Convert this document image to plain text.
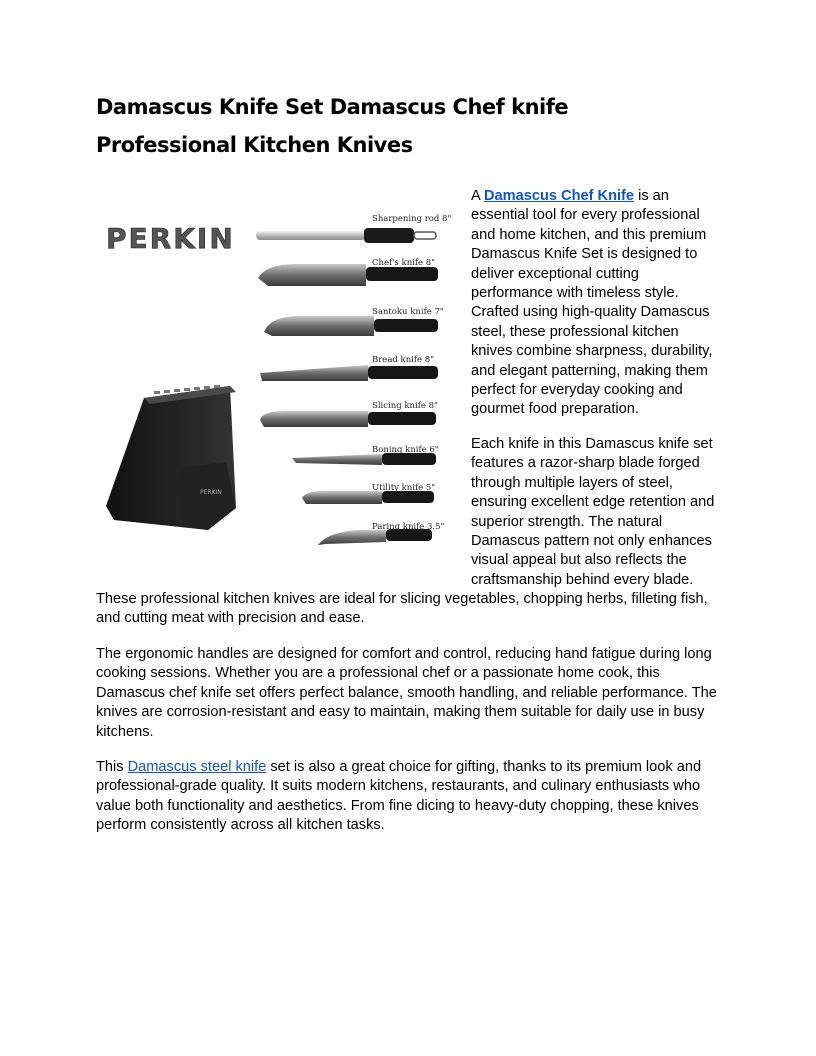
Damascus Knife Set Damascus Chef knife Professional Kitchen Knives
PERKIN
PERKIN
Sharpening rod 8"
Chef's knife 8"
Santoku knife 7"
Bread knife 8"
Slicing knife 8"
Boning knife 6"
Utility knife 5"
Paring knife 3.5"

A Damascus Chef Knife is an essential tool for every professional and home kitchen, and this premium Damascus Knife Set is designed to deliver exceptional cutting performance with timeless style. Crafted using high-quality Damascus steel, these professional kitchen knives combine sharpness, durability, and elegant patterning, making them perfect for everyday cooking and gourmet food preparation.

Each knife in this Damascus knife set features a razor-sharp blade forged through multiple layers of steel, ensuring excellent edge retention and superior strength. The natural Damascus pattern not only enhances visual appeal but also reflects the craftsmanship behind every blade.

These professional kitchen knives are ideal for slicing vegetables, chopping herbs, filleting fish, and cutting meat with precision and ease.

The ergonomic handles are designed for comfort and control, reducing hand fatigue during long cooking sessions. Whether you are a professional chef or a passionate home cook, this Damascus chef knife set offers perfect balance, smooth handling, and reliable performance. The knives are corrosion-resistant and easy to maintain, making them suitable for daily use in busy kitchens.

This Damascus steel knife set is also a great choice for gifting, thanks to its premium look and professional-grade quality. It suits modern kitchens, restaurants, and culinary enthusiasts who value both functionality and aesthetics. From fine dicing to heavy-duty chopping, these knives perform consistently across all kitchen tasks.
